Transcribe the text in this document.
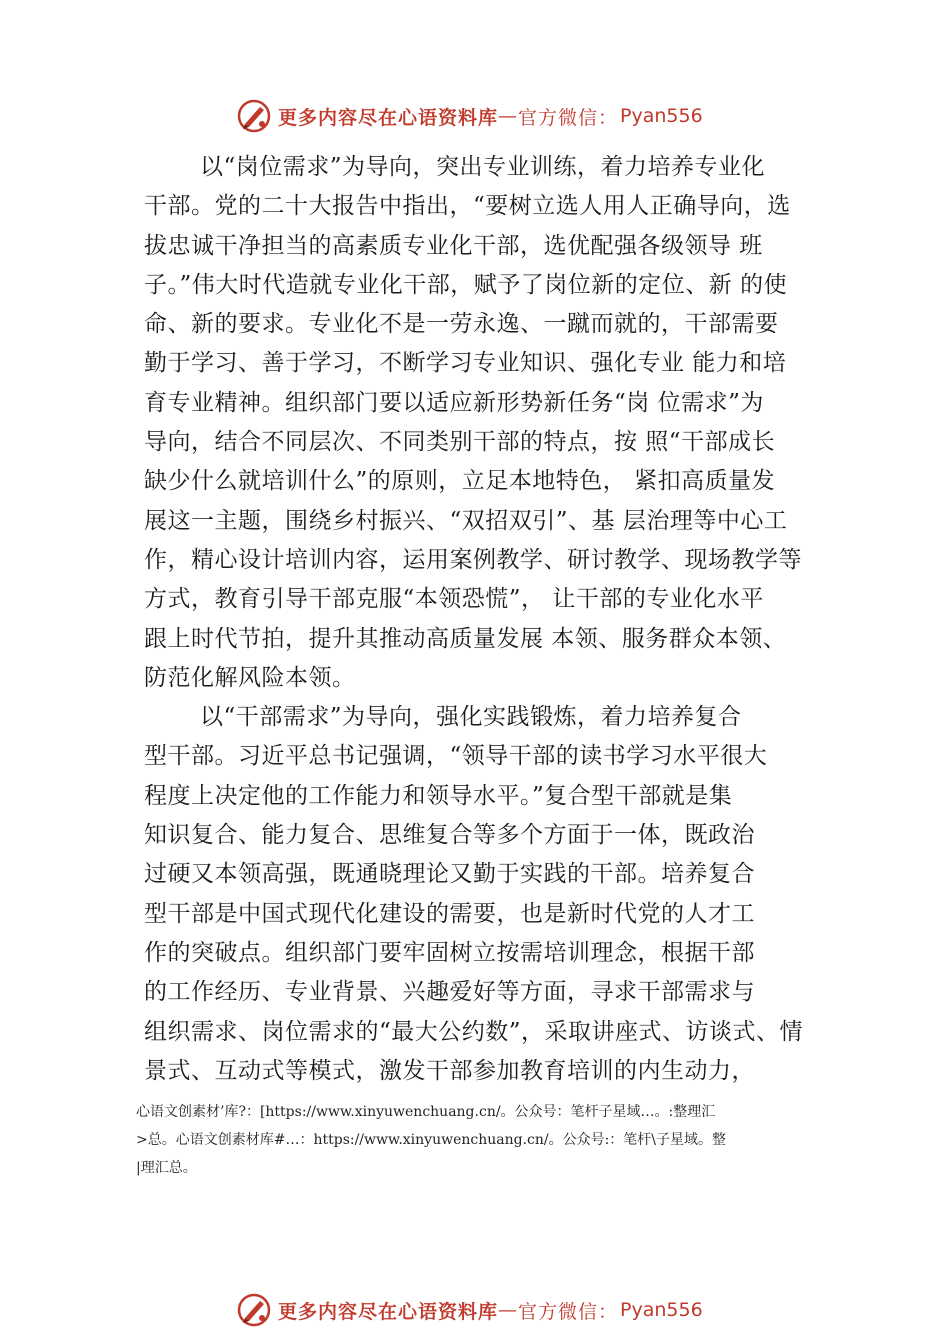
更多内容尽在心语资料库 — 官方微信： Pyan556
以“岗位需求”为导向，突出专业训练，着力培养专业化
干部。党的二十大报告中指出，“要树立选人用人正确导向，选
拔忠诚干净担当的高素质专业化干部，选优配强各级领导 班
子。”伟大时代造就专业化干部，赋予了岗位新的定位、新 的使
命、新的要求。专业化不是一劳永逸、一蹴而就的，干部需要
勤于学习、善于学习，不断学习专业知识、强化专业 能力和培
育专业精神。组织部门要以适应新形势新任务“岗 位需求”为
导向，结合不同层次、不同类别干部的特点，按 照“干部成长
缺少什么就培训什么”的原则，立足本地特色， 紧扣高质量发
展这一主题，围绕乡村振兴、“双招双引”、基 层治理等中心工
作，精心设计培训内容，运用案例教学、研讨教学、现场教学等
方式，教育引导干部克服“本领恐慌”， 让干部的专业化水平
跟上时代节拍，提升其推动高质量发展 本领、服务群众本领、
防范化解风险本领。
以“干部需求”为导向，强化实践锻炼，着力培养复合
型干部。习近平总书记强调，“领导干部的读书学习水平很大
程度上决定他的工作能力和领导水平。”复合型干部就是集
知识复合、能力复合、思维复合等多个方面于一体，既政治
过硬又本领高强，既通晓理论又勤于实践的干部。培养复合
型干部是中国式现代化建设的需要，也是新时代党的人才工
作的突破点。组织部门要牢固树立按需培训理念，根据干部
的工作经历、专业背景、兴趣爱好等方面，寻求干部需求与
组织需求、岗位需求的“最大公约数”，采取讲座式、访谈式、情
景式、互动式等模式，激发干部参加教育培训的内生动力，
心语文创素材’库?：[https://www.xinyuwenchuang.cn/。公众号：笔杆子星域…。:整理汇
>总。心语文创素材库#…：https://www.xinyuwenchuang.cn/。公众号:：笔杆\子星域。整
|理汇总。
更多内容尽在心语资料库 — 官方微信： Pyan556
